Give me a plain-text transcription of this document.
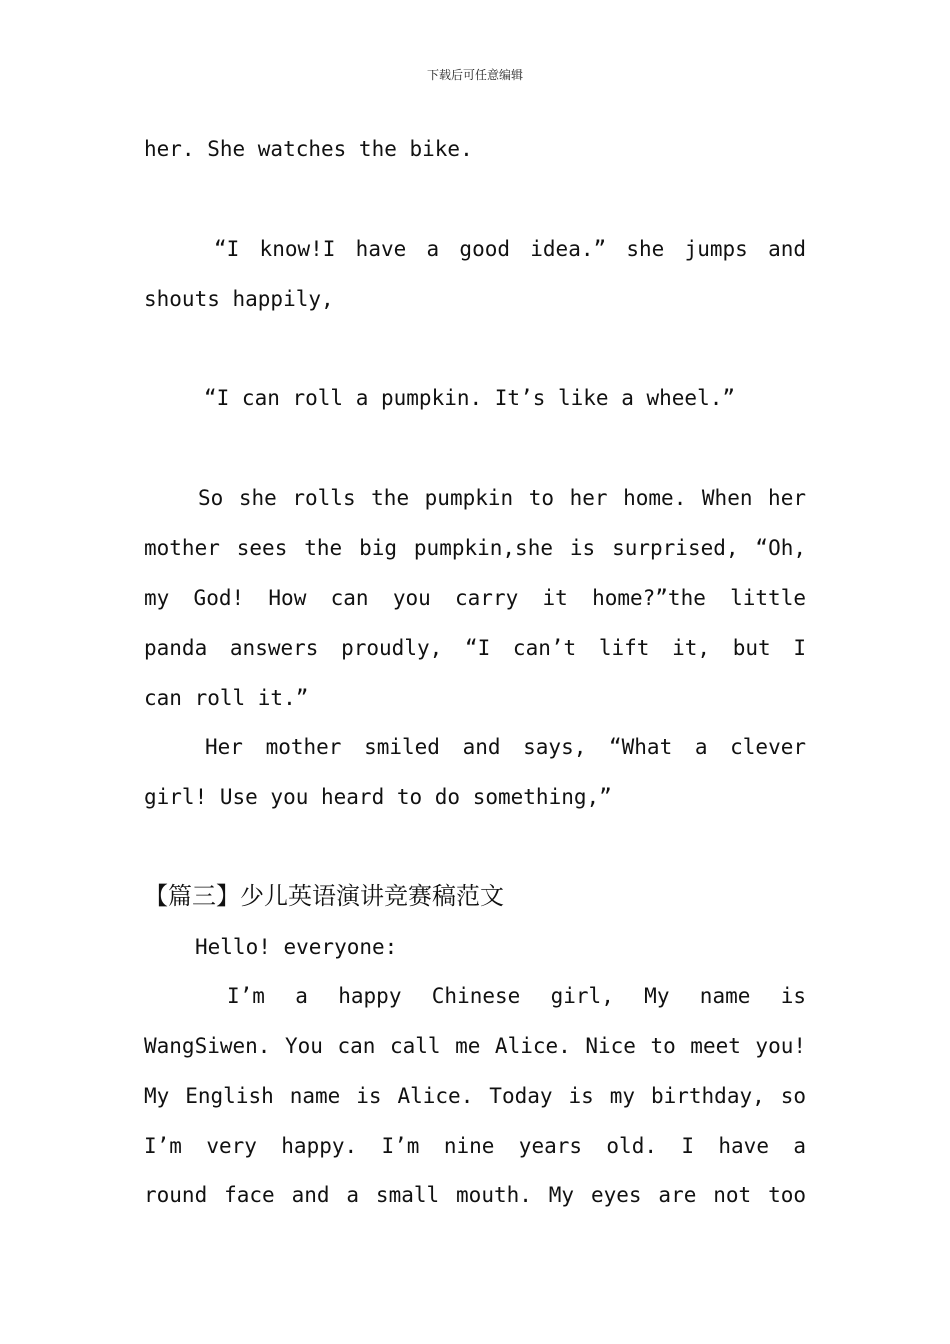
下载后可任意编辑
her. She watches the bike.
“I know!I have a good idea.” she jumps and
shouts happily,
“I can roll a pumpkin. It’s like a wheel.”
So she rolls the pumpkin to her home. When her
mother sees the big pumpkin,she is surprised, “Oh,
my God! How can you carry it home?”the little
panda answers proudly, “I can’t lift it, but I
can roll it.”
Her mother smiled and says, “What a clever
girl! Use you heard to do something,”
【篇三】少儿英语演讲竞赛稿范文
Hello! everyone:
I’m a happy Chinese girl, My name is
WangSiwen. You can call me Alice. Nice to meet you!
My English name is Alice. Today is my birthday, so
I’m very happy. I’m nine years old. I have a
round face and a small mouth. My eyes are not too
